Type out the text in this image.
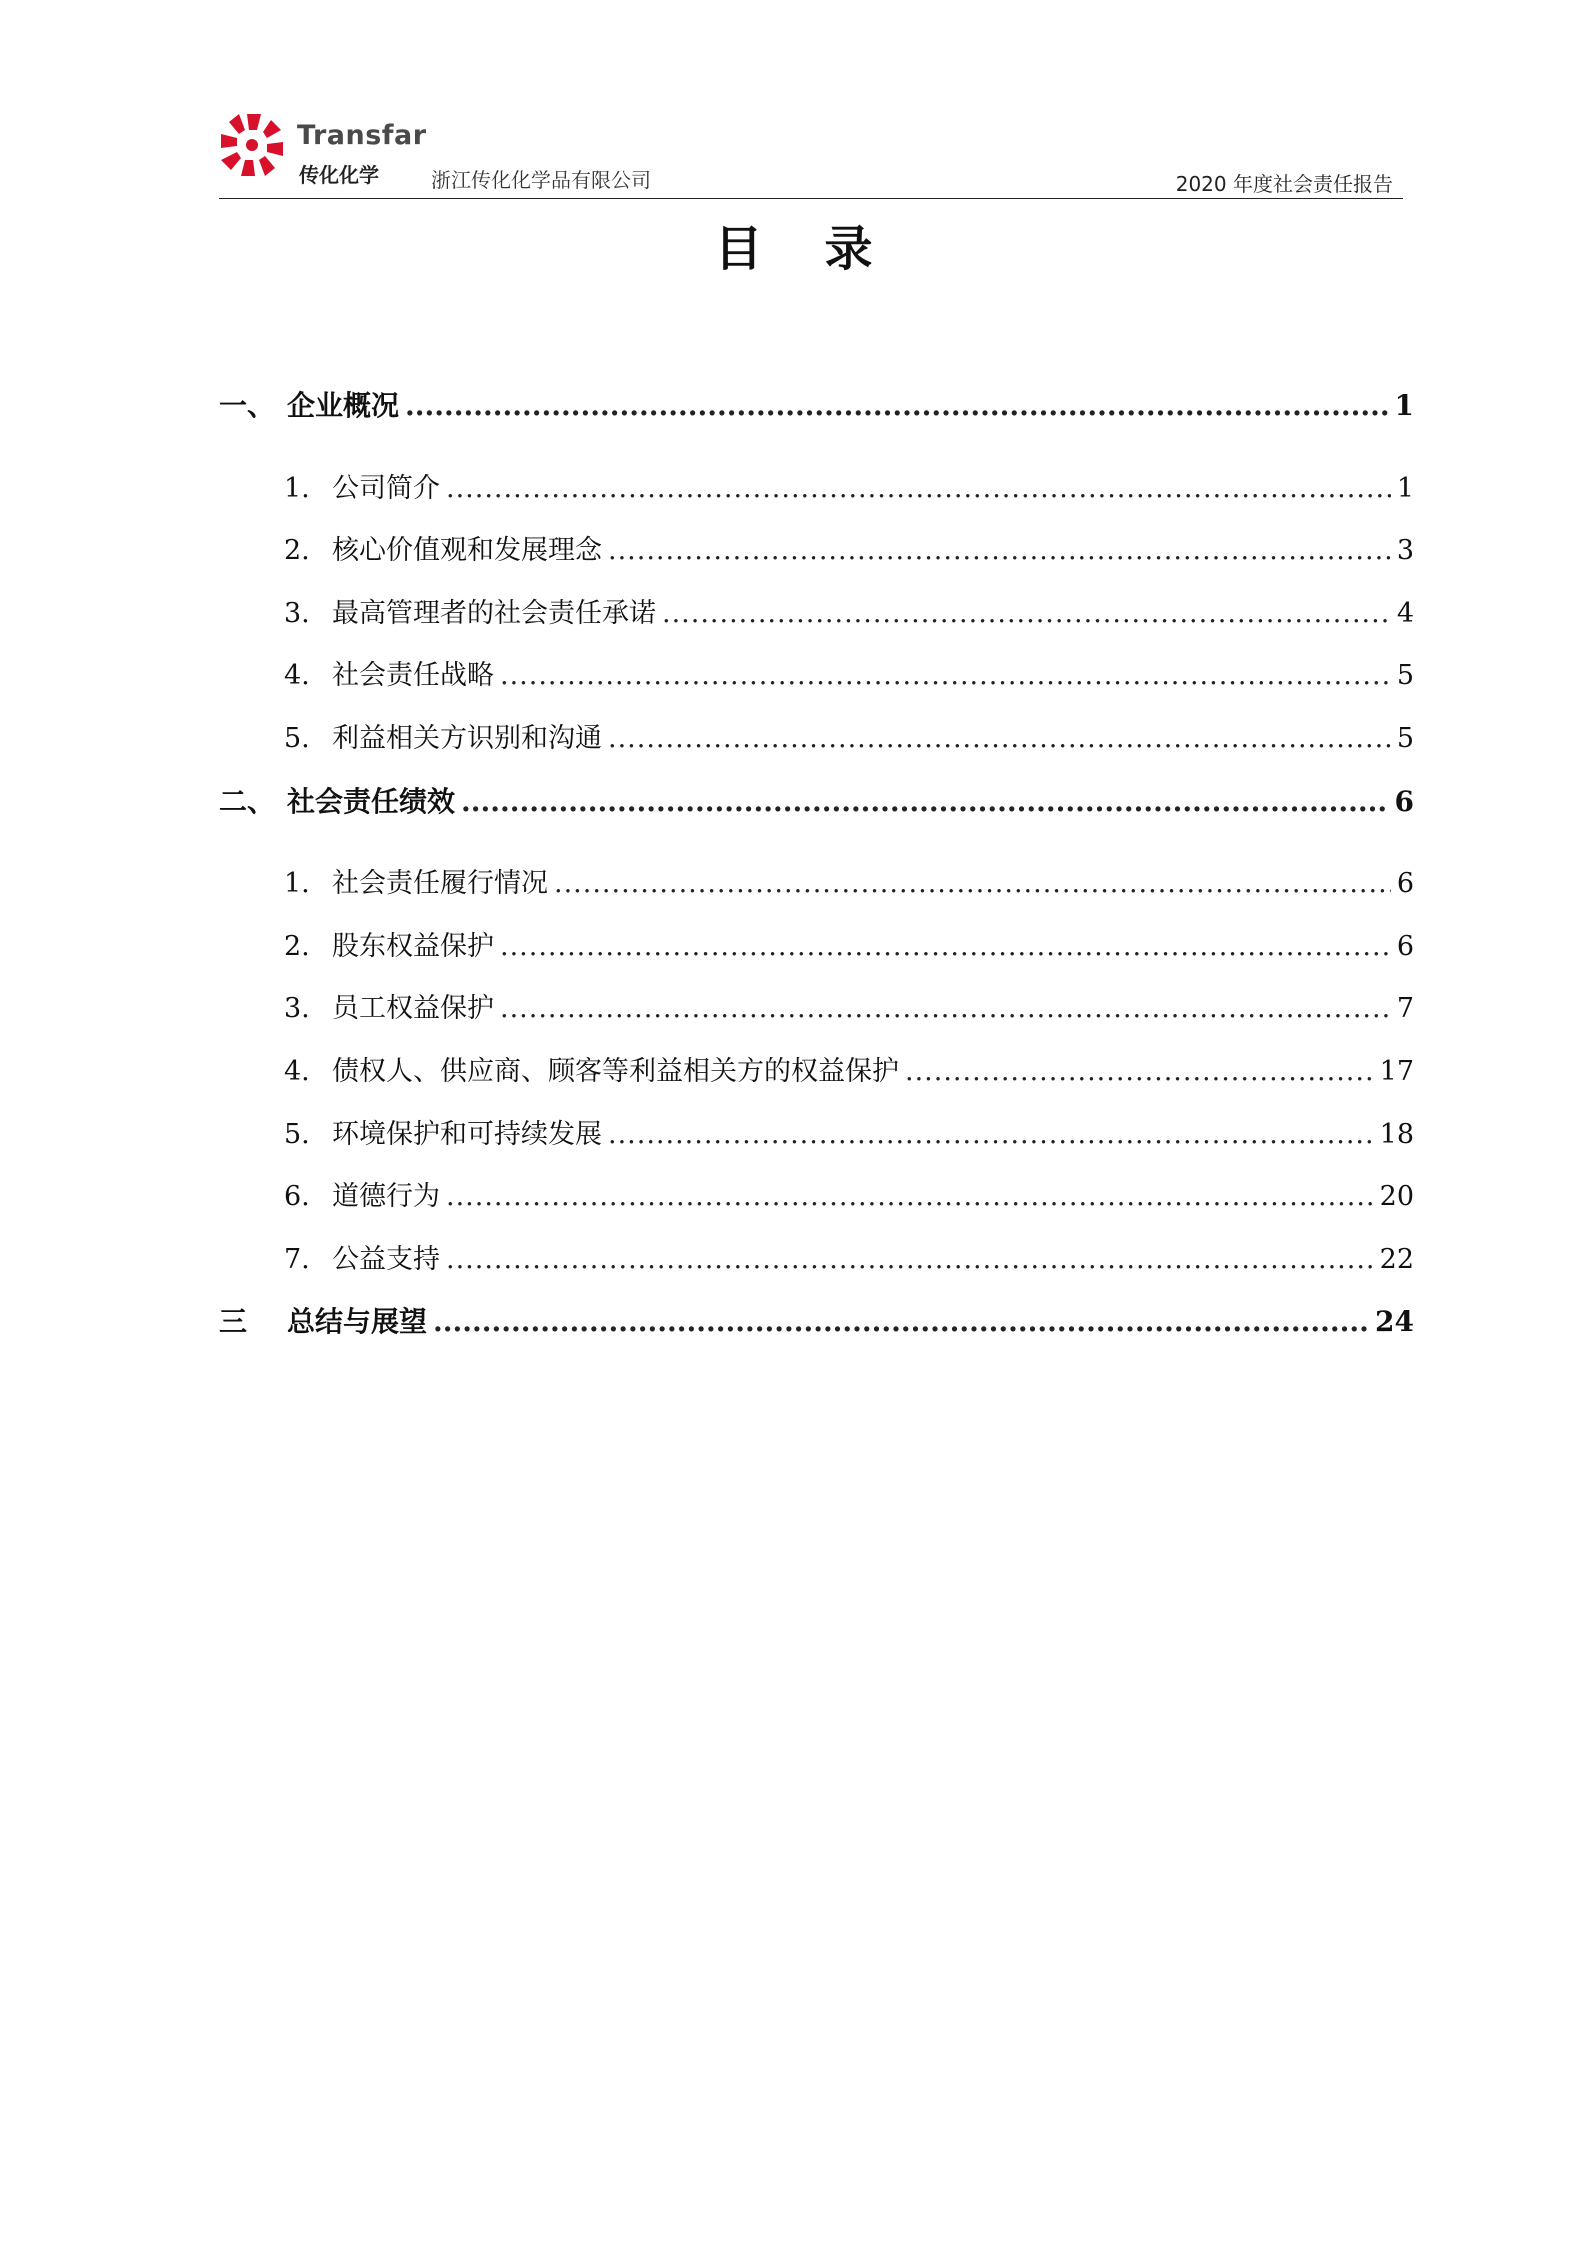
Transfar
传化化学	浙江传化化学品有限公司	2020 年度社会责任报告
目录
一、 企业概况 .....	1
1. 公司简介 .....	1
2. 核心价值观和发展理念 .....	3
3. 最高管理者的社会责任承诺 .....	4
4. 社会责任战略 .....	5
5. 利益相关方识别和沟通 .....	5
二、 社会责任绩效 .....	6
1. 社会责任履行情况 .....	6
2. 股东权益保护 .....	6
3. 员工权益保护 .....	7
4. 债权人、供应商、顾客等利益相关方的权益保护 .....	17
5. 环境保护和可持续发展 .....	18
6. 道德行为 .....	20
7. 公益支持 .....	22
三	总结与展望 .....	24
